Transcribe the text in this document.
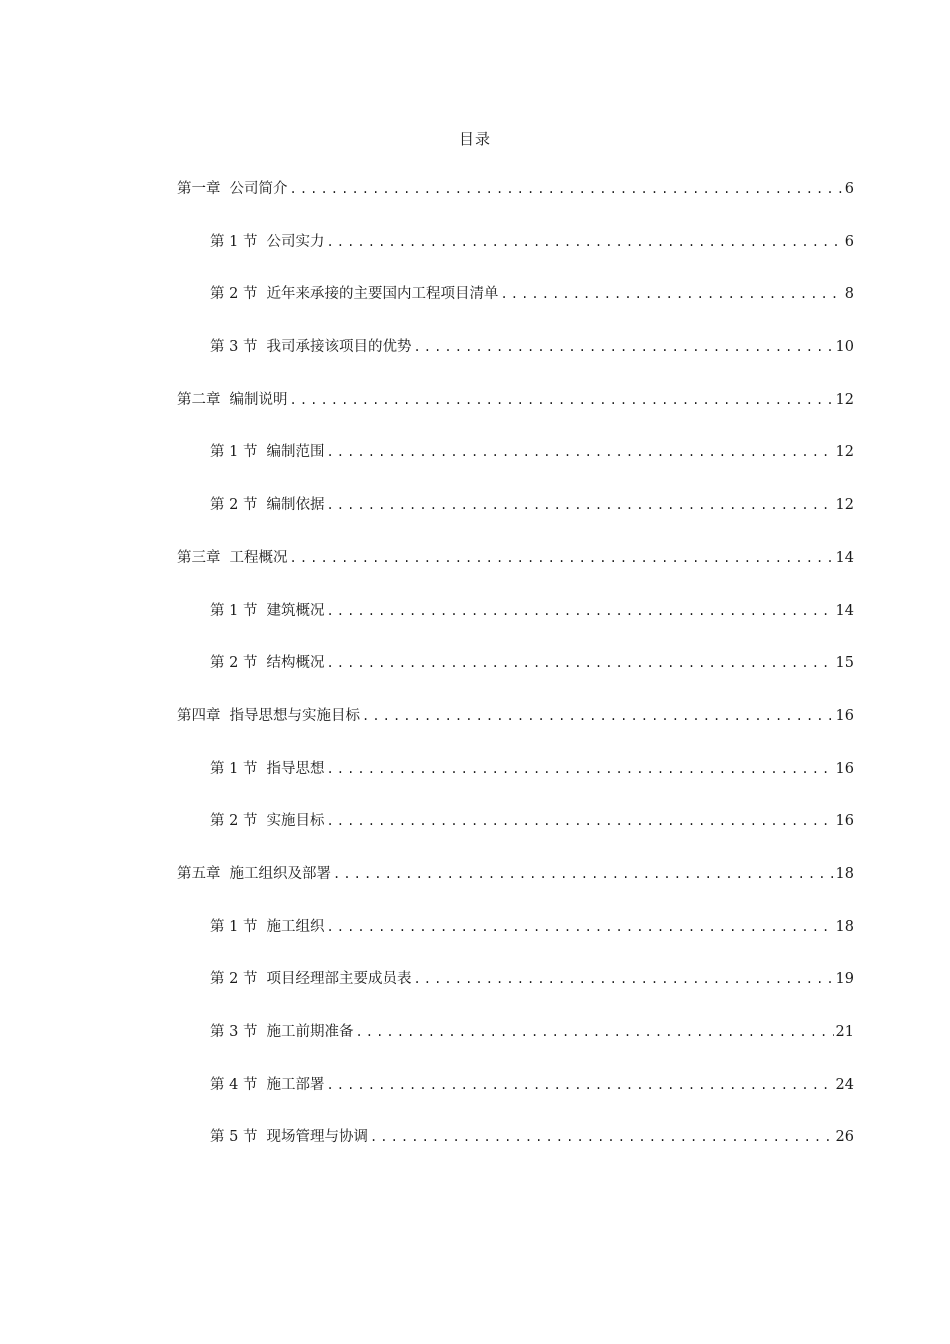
目录
第一章 公司简介 .....	6
第 1 节 公司实力 .....	6
第 2 节 近年来承接的主要国内工程项目清单 .....	8
第 3 节 我司承接该项目的优势 .....	10
第二章 编制说明 .....	12
第 1 节 编制范围 .....	12
第 2 节 编制依据 .....	12
第三章 工程概况 .....	14
第 1 节 建筑概况 .....	14
第 2 节 结构概况 .....	15
第四章 指导思想与实施目标 .....	16
第 1 节 指导思想 .....	16
第 2 节 实施目标 .....	16
第五章 施工组织及部署 .....	18
第 1 节 施工组织 .....	18
第 2 节 项目经理部主要成员表 .....	19
第 3 节 施工前期准备 .....	21
第 4 节 施工部署 .....	24
第 5 节 现场管理与协调 .....	26
